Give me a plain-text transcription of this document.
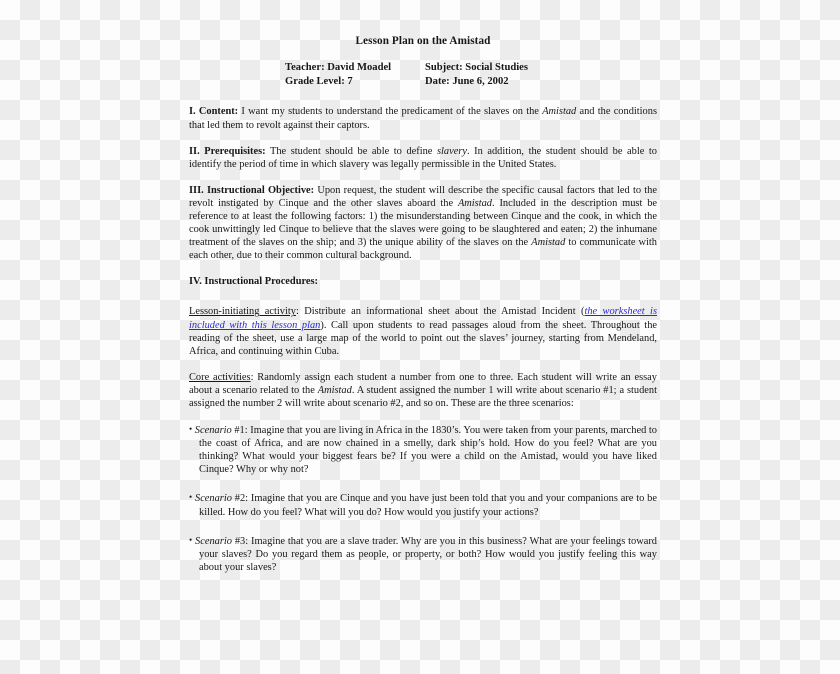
Lesson Plan on the Amistad
Teacher: David Moadel	Subject: Social Studies
Grade Level: 7	Date: June 6, 2002

I. Content: I want my students to understand the predicament of the slaves on the Amistad and the conditions that led them to revolt against their captors.

II. Prerequisites: The student should be able to define slavery. In addition, the student should be able to identify the period of time in which slavery was legally permissible in the United States.

III. Instructional Objective: Upon request, the student will describe the specific causal factors that led to the revolt instigated by Cinque and the other slaves aboard the Amistad. Included in the description must be reference to at least the following factors: 1) the misunderstanding between Cinque and the cook, in which the cook unwittingly led Cinque to believe that the slaves were going to be slaughtered and eaten; 2) the inhumane treatment of the slaves on the ship; and 3) the unique ability of the slaves on the Amistad to communicate with each other, due to their common cultural background.

IV. Instructional Procedures:

Lesson-initiating activity: Distribute an informational sheet about the Amistad Incident (the worksheet is included with this lesson plan). Call upon students to read passages aloud from the sheet. Throughout the reading of the sheet, use a large map of the world to point out the slaves’ journey, starting from Mendeland, Africa, and continuing within Cuba.

Core activities: Randomly assign each student a number from one to three. Each student will write an essay about a scenario related to the Amistad. A student assigned the number 1 will write about scenario #1; a student assigned the number 2 will write about scenario #2, and so on. These are the three scenarios:

• Scenario #1: Imagine that you are living in Africa in the 1830’s. You were taken from your parents, marched to the coast of Africa, and are now chained in a smelly, dark ship’s hold. How do you feel? What are you thinking? What would your biggest fears be? If you were a child on the Amistad, would you have liked Cinque? Why or why not?

• Scenario #2: Imagine that you are Cinque and you have just been told that you and your companions are to be killed. How do you feel? What will you do? How would you justify your actions?

• Scenario #3: Imagine that you are a slave trader. Why are you in this business? What are your feelings toward your slaves? Do you regard them as people, or property, or both? How would you justify feeling this way about your slaves?
